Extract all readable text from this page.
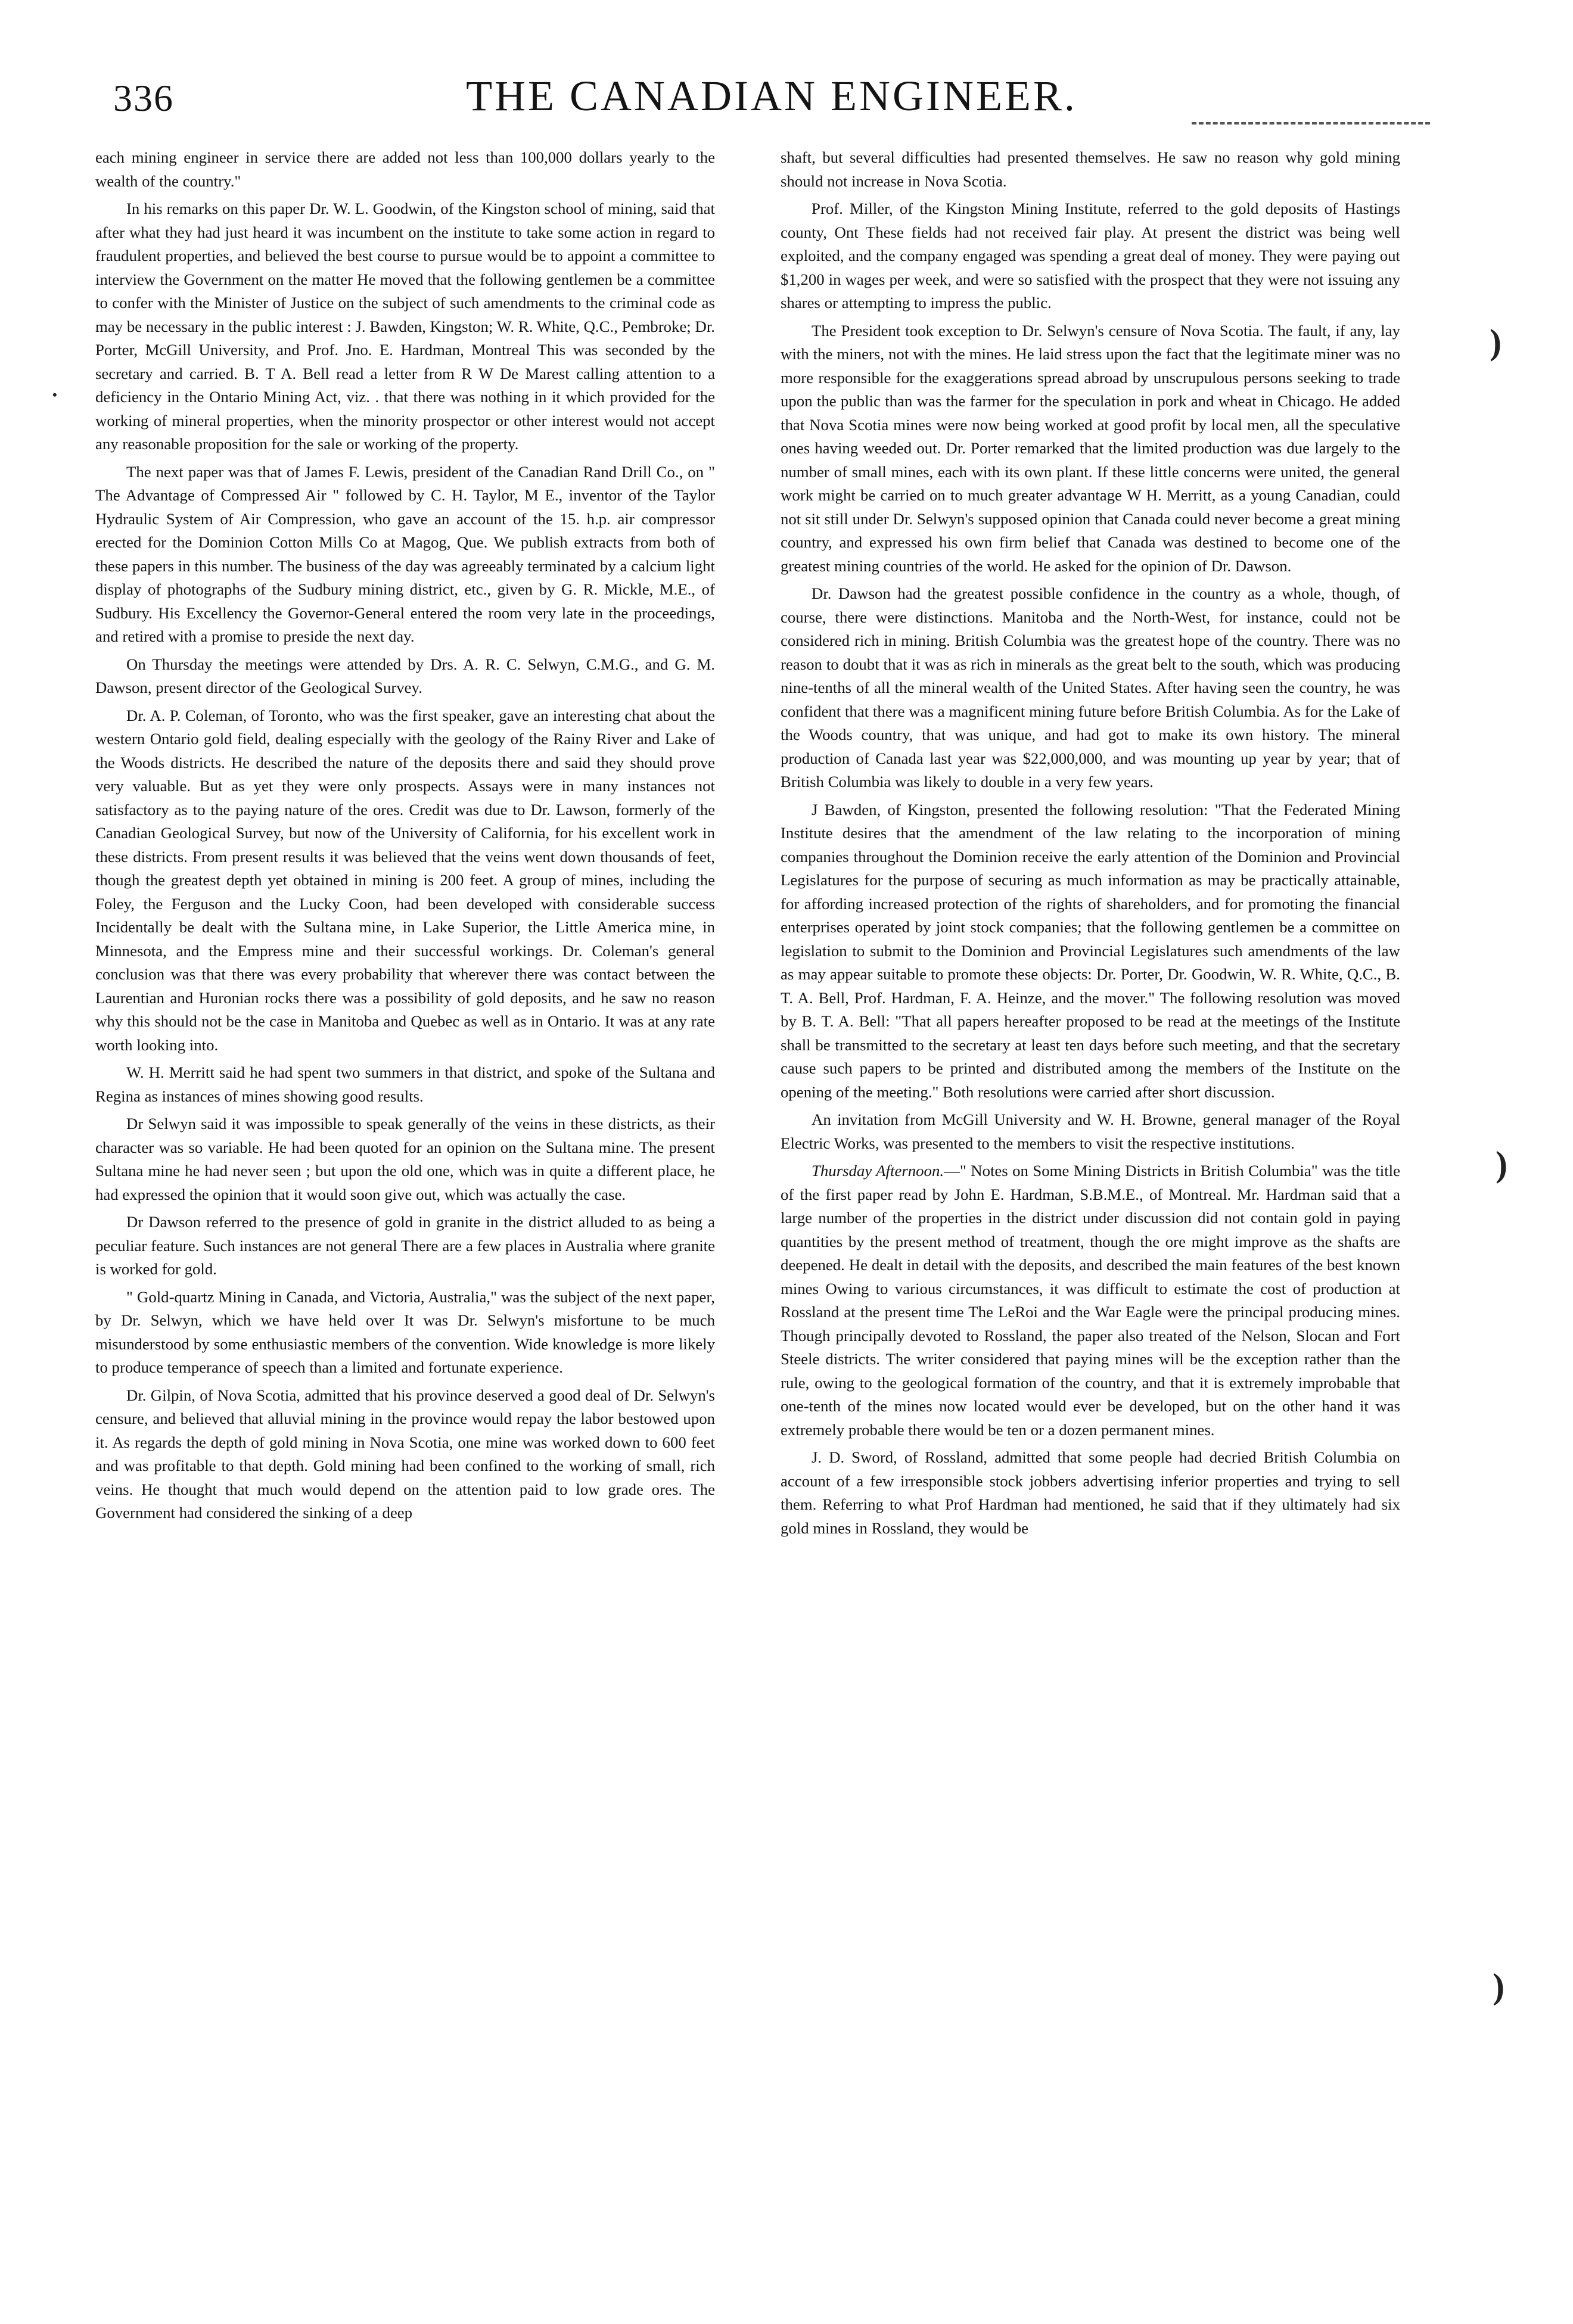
336	THE CANADIAN ENGINEER.

each mining engineer in service there are added not less than 100,000 dollars yearly to the wealth of the country."

In his remarks on this paper Dr. W. L. Goodwin, of the Kingston school of mining, said that after what they had just heard it was incumbent on the institute to take some action in regard to fraudulent properties, and believed the best course to pursue would be to appoint a committee to interview the Government on the matter He moved that the following gentlemen be a committee to confer with the Minister of Justice on the subject of such amendments to the criminal code as may be necessary in the public interest : J. Bawden, Kingston; W. R. White, Q.C., Pembroke; Dr. Porter, McGill University, and Prof. Jno. E. Hardman, Montreal This was seconded by the secretary and carried. B. T A. Bell read a letter from R W De Marest calling attention to a deficiency in the Ontario Mining Act, viz. . that there was nothing in it which provided for the working of mineral properties, when the minority prospector or other interest would not accept any reasonable proposition for the sale or working of the property.

The next paper was that of James F. Lewis, president of the Canadian Rand Drill Co., on " The Advantage of Compressed Air " followed by C. H. Taylor, M E., inventor of the Taylor Hydraulic System of Air Compression, who gave an account of the 15. h.p. air compressor erected for the Dominion Cotton Mills Co at Magog, Que. We publish extracts from both of these papers in this number. The business of the day was agreeably terminated by a calcium light display of photographs of the Sudbury mining district, etc., given by G. R. Mickle, M.E., of Sudbury. His Excellency the Governor-General entered the room very late in the proceedings, and retired with a promise to preside the next day.

On Thursday the meetings were attended by Drs. A. R. C. Selwyn, C.M.G., and G. M. Dawson, present director of the Geological Survey.

Dr. A. P. Coleman, of Toronto, who was the first speaker, gave an interesting chat about the western Ontario gold field, dealing especially with the geology of the Rainy River and Lake of the Woods districts. He described the nature of the deposits there and said they should prove very valuable. But as yet they were only prospects. Assays were in many instances not satisfactory as to the paying nature of the ores. Credit was due to Dr. Lawson, formerly of the Canadian Geological Survey, but now of the University of California, for his excellent work in these districts. From present results it was believed that the veins went down thousands of feet, though the greatest depth yet obtained in mining is 200 feet. A group of mines, including the Foley, the Ferguson and the Lucky Coon, had been developed with considerable success Incidentally be dealt with the Sultana mine, in Lake Superior, the Little America mine, in Minnesota, and the Empress mine and their successful workings. Dr. Coleman's general conclusion was that there was every probability that wherever there was contact between the Laurentian and Huronian rocks there was a possibility of gold deposits, and he saw no reason why this should not be the case in Manitoba and Quebec as well as in Ontario. It was at any rate worth looking into.

W. H. Merritt said he had spent two summers in that district, and spoke of the Sultana and Regina as instances of mines showing good results.

Dr Selwyn said it was impossible to speak generally of the veins in these districts, as their character was so variable. He had been quoted for an opinion on the Sultana mine. The present Sultana mine he had never seen ; but upon the old one, which was in quite a different place, he had expressed the opinion that it would soon give out, which was actually the case.

Dr Dawson referred to the presence of gold in granite in the district alluded to as being a peculiar feature. Such instances are not general There are a few places in Australia where granite is worked for gold.

" Gold-quartz Mining in Canada, and Victoria, Australia," was the subject of the next paper, by Dr. Selwyn, which we have held over It was Dr. Selwyn's misfortune to be much misunderstood by some enthusiastic members of the convention. Wide knowledge is more likely to produce temperance of speech than a limited and fortunate experience.

Dr. Gilpin, of Nova Scotia, admitted that his province deserved a good deal of Dr. Selwyn's censure, and believed that alluvial mining in the province would repay the labor bestowed upon it. As regards the depth of gold mining in Nova Scotia, one mine was worked down to 600 feet and was profitable to that depth. Gold mining had been confined to the working of small, rich veins. He thought that much would depend on the attention paid to low grade ores. The Government had considered the sinking of a deep

shaft, but several difficulties had presented themselves. He saw no reason why gold mining should not increase in Nova Scotia.

Prof. Miller, of the Kingston Mining Institute, referred to the gold deposits of Hastings county, Ont These fields had not received fair play. At present the district was being well exploited, and the company engaged was spending a great deal of money. They were paying out $1,200 in wages per week, and were so satisfied with the prospect that they were not issuing any shares or attempting to impress the public.

The President took exception to Dr. Selwyn's censure of Nova Scotia. The fault, if any, lay with the miners, not with the mines. He laid stress upon the fact that the legitimate miner was no more responsible for the exaggerations spread abroad by unscrupulous persons seeking to trade upon the public than was the farmer for the speculation in pork and wheat in Chicago. He added that Nova Scotia mines were now being worked at good profit by local men, all the speculative ones having weeded out. Dr. Porter remarked that the limited production was due largely to the number of small mines, each with its own plant. If these little concerns were united, the general work might be carried on to much greater advantage W H. Merritt, as a young Canadian, could not sit still under Dr. Selwyn's supposed opinion that Canada could never become a great mining country, and expressed his own firm belief that Canada was destined to become one of the greatest mining countries of the world. He asked for the opinion of Dr. Dawson.

Dr. Dawson had the greatest possible confidence in the country as a whole, though, of course, there were distinctions. Manitoba and the North-West, for instance, could not be considered rich in mining. British Columbia was the greatest hope of the country. There was no reason to doubt that it was as rich in minerals as the great belt to the south, which was producing nine-tenths of all the mineral wealth of the United States. After having seen the country, he was confident that there was a magnificent mining future before British Columbia. As for the Lake of the Woods country, that was unique, and had got to make its own history. The mineral production of Canada last year was $22,000,000, and was mounting up year by year; that of British Columbia was likely to double in a very few years.

J Bawden, of Kingston, presented the following resolution: "That the Federated Mining Institute desires that the amendment of the law relating to the incorporation of mining companies throughout the Dominion receive the early attention of the Dominion and Provincial Legislatures for the purpose of securing as much information as may be practically attainable, for affording increased protection of the rights of shareholders, and for promoting the financial enterprises operated by joint stock companies; that the following gentlemen be a committee on legislation to submit to the Dominion and Provincial Legislatures such amendments of the law as may appear suitable to promote these objects: Dr. Porter, Dr. Goodwin, W. R. White, Q.C., B. T. A. Bell, Prof. Hardman, F. A. Heinze, and the mover." The following resolution was moved by B. T. A. Bell: "That all papers hereafter proposed to be read at the meetings of the Institute shall be transmitted to the secretary at least ten days before such meeting, and that the secretary cause such papers to be printed and distributed among the members of the Institute on the opening of the meeting." Both resolutions were carried after short discussion.

An invitation from McGill University and W. H. Browne, general manager of the Royal Electric Works, was presented to the members to visit the respective institutions.

Thursday Afternoon.—" Notes on Some Mining Districts in British Columbia" was the title of the first paper read by John E. Hardman, S.B.M.E., of Montreal. Mr. Hardman said that a large number of the properties in the district under discussion did not contain gold in paying quantities by the present method of treatment, though the ore might improve as the shafts are deepened. He dealt in detail with the deposits, and described the main features of the best known mines Owing to various circumstances, it was difficult to estimate the cost of production at Rossland at the present time The LeRoi and the War Eagle were the principal producing mines. Though principally devoted to Rossland, the paper also treated of the Nelson, Slocan and Fort Steele districts. The writer considered that paying mines will be the exception rather than the rule, owing to the geological formation of the country, and that it is extremely improbable that one-tenth of the mines now located would ever be developed, but on the other hand it was extremely probable there would be ten or a dozen permanent mines.

J. D. Sword, of Rossland, admitted that some people had decried British Columbia on account of a few irresponsible stock jobbers advertising inferior properties and trying to sell them. Referring to what Prof Hardman had mentioned, he said that if they ultimately had six gold mines in Rossland, they would be

)
)
)
•
